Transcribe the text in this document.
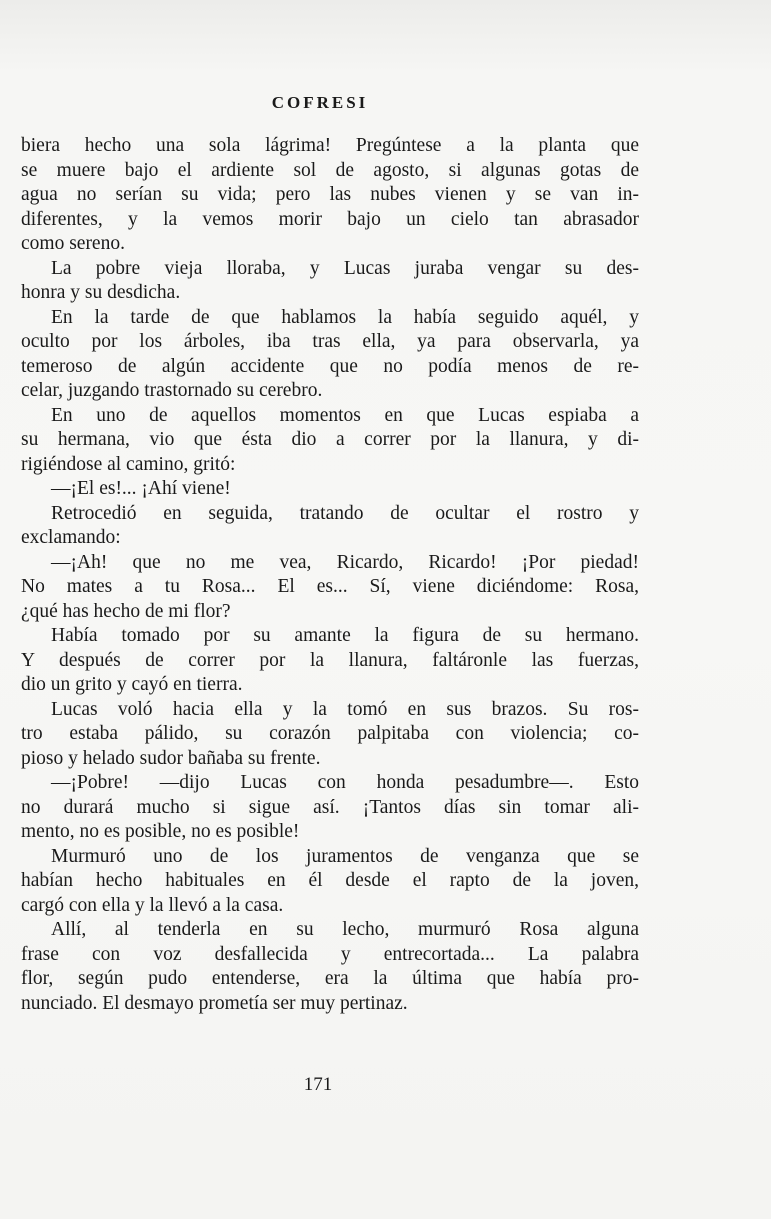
COFRESI
biera hecho una sola lágrima! Pregúntese a la planta que
se muere bajo el ardiente sol de agosto, si algunas gotas de
agua no serían su vida; pero las nubes vienen y se van in-
diferentes, y la vemos morir bajo un cielo tan abrasador
como sereno.
La pobre vieja lloraba, y Lucas juraba vengar su des-
honra y su desdicha.
En la tarde de que hablamos la había seguido aquél, y
oculto por los árboles, iba tras ella, ya para observarla, ya
temeroso de algún accidente que no podía menos de re-
celar, juzgando trastornado su cerebro.
En uno de aquellos momentos en que Lucas espiaba a
su hermana, vio que ésta dio a correr por la llanura, y di-
rigiéndose al camino, gritó:
—¡El es!... ¡Ahí viene!
Retrocedió en seguida, tratando de ocultar el rostro y
exclamando:
—¡Ah! que no me vea, Ricardo, Ricardo! ¡Por piedad!
No mates a tu Rosa... El es... Sí, viene diciéndome: Rosa,
¿qué has hecho de mi flor?
Había tomado por su amante la figura de su hermano.
Y después de correr por la llanura, faltáronle las fuerzas,
dio un grito y cayó en tierra.
Lucas voló hacia ella y la tomó en sus brazos. Su ros-
tro estaba pálido, su corazón palpitaba con violencia; co-
pioso y helado sudor bañaba su frente.
—¡Pobre! —dijo Lucas con honda pesadumbre—. Esto
no durará mucho si sigue así. ¡Tantos días sin tomar ali-
mento, no es posible, no es posible!
Murmuró uno de los juramentos de venganza que se
habían hecho habituales en él desde el rapto de la joven,
cargó con ella y la llevó a la casa.
Allí, al tenderla en su lecho, murmuró Rosa alguna
frase con voz desfallecida y entrecortada... La palabra
flor, según pudo entenderse, era la última que había pro-
nunciado. El desmayo prometía ser muy pertinaz.
171
